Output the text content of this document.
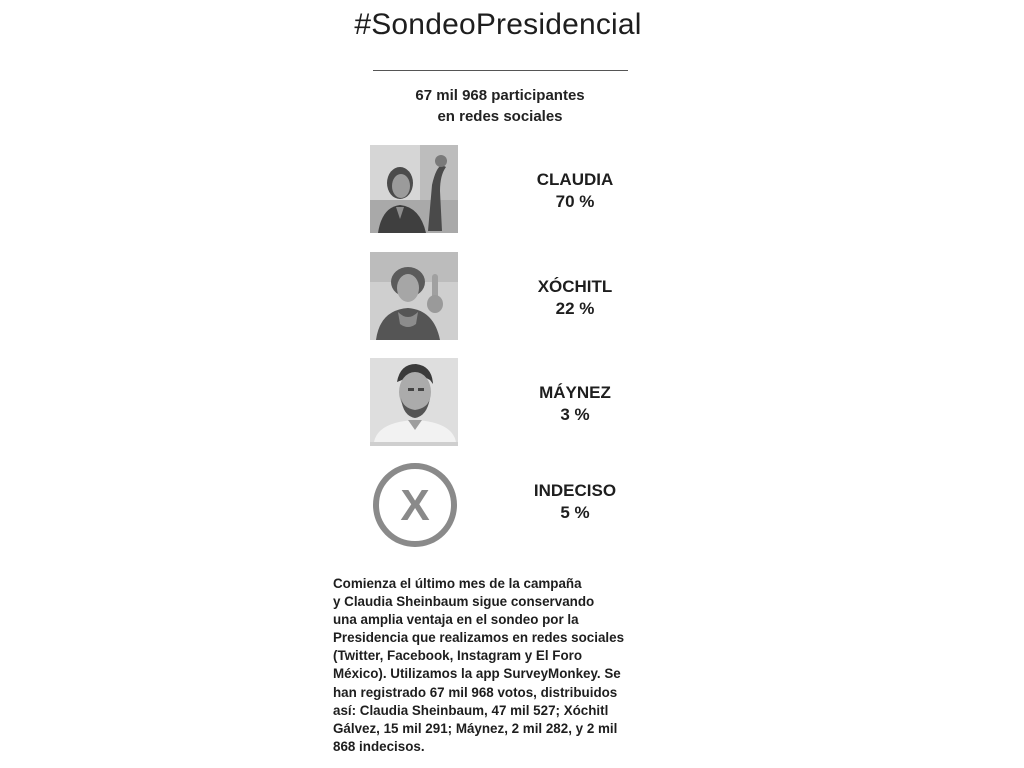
#SondeoPresidencial
67 mil 968 participantes
en redes sociales
CLAUDIA
70 %
XÓCHITL
22 %
MÁYNEZ
3 %
X	INDECISO
5 %
Comienza el último mes de la campaña
y Claudia Sheinbaum sigue conservando
una amplia ventaja en el sondeo por la
Presidencia que realizamos en redes sociales
(Twitter, Facebook, Instagram y El Foro
México). Utilizamos la app SurveyMonkey. Se
han registrado 67 mil 968 votos, distribuidos
así: Claudia Sheinbaum, 47 mil 527; Xóchitl
Gálvez, 15 mil 291; Máynez, 2 mil 282, y 2 mil
868 indecisos.
